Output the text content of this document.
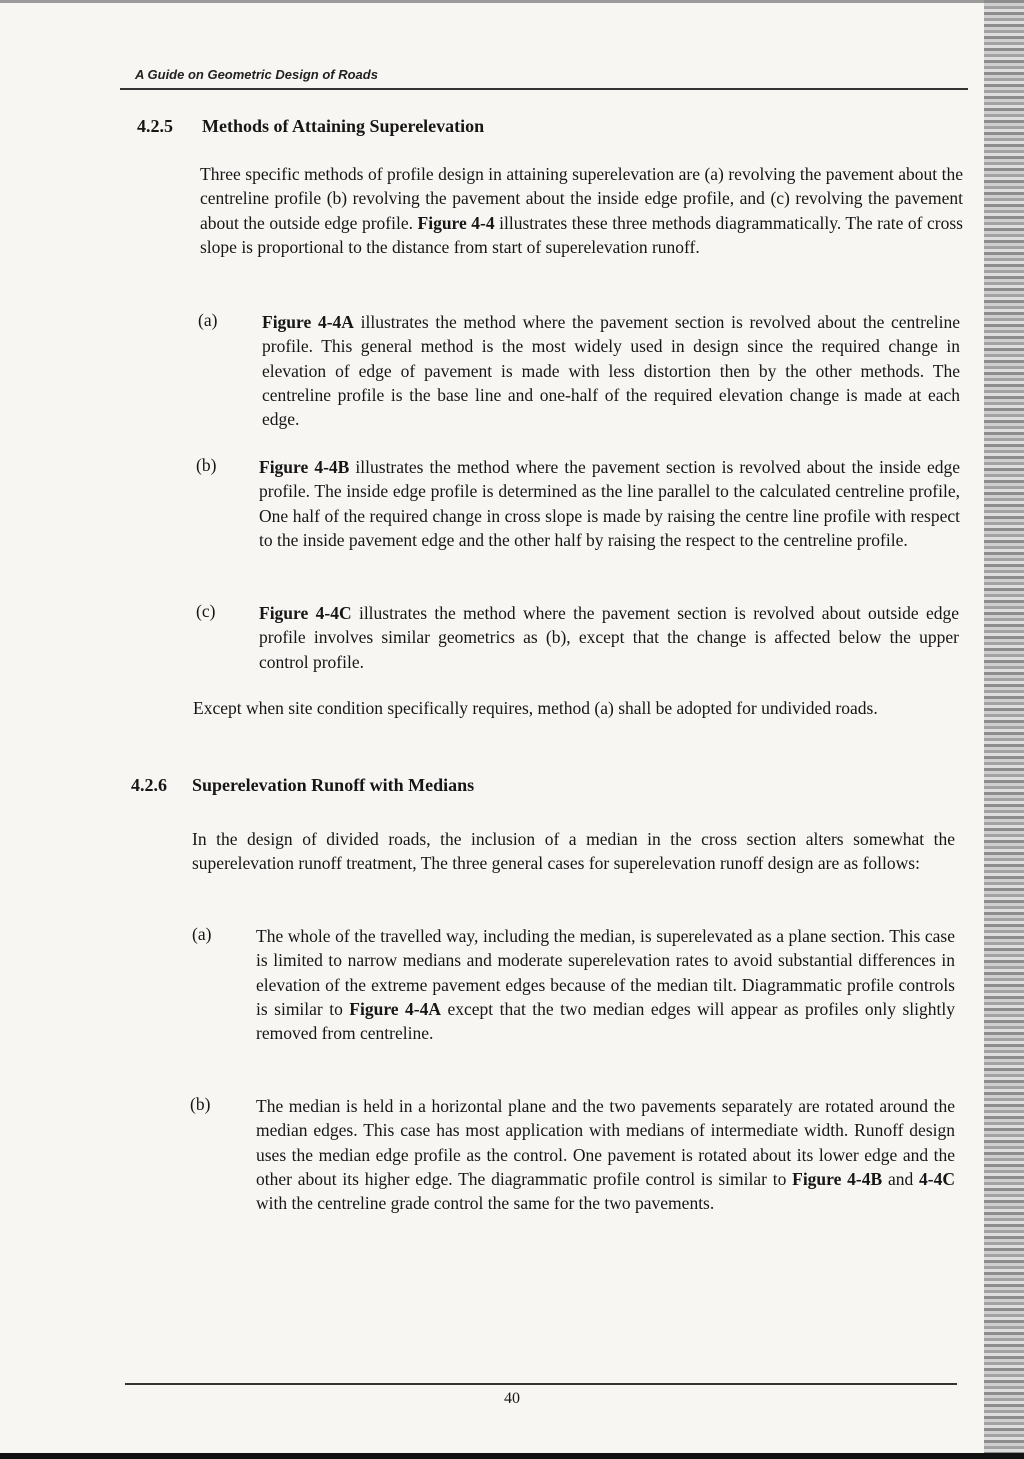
A Guide on Geometric Design of Roads
4.2.5 Methods of Attaining Superelevation

Three specific methods of profile design in attaining superelevation are (a) revolving the pavement about the centreline profile (b) revolving the pavement about the inside edge profile, and (c) revolving the pavement about the outside edge profile. Figure 4-4 illustrates these three methods diagrammatically. The rate of cross slope is proportional to the distance from start of superelevation runoff.

(a)	Figure 4-4A illustrates the method where the pavement section is revolved about the centreline profile. This general method is the most widely used in design since the required change in elevation of edge of pavement is made with less distortion then by the other methods. The centreline profile is the base line and one-half of the required elevation change is made at each edge.

(b) Figure 4-4B illustrates the method where the pavement section is revolved about the inside edge profile. The inside edge profile is determined as the line parallel to the calculated centreline profile, One half of the required change in cross slope is made by raising the centre line profile with respect to the inside pavement edge and the other half by raising the respect to the centreline profile.

(c) Figure 4-4C illustrates the method where the pavement section is revolved about outside edge profile involves similar geometrics as (b), except that the change is affected below the upper control profile.

Except when site condition specifically requires, method (a) shall be adopted for undivided roads.

4.2.6 Superelevation Runoff with Medians

In the design of divided roads, the inclusion of a median in the cross section alters somewhat the superelevation runoff treatment, The three general cases for superelevation runoff design are as follows:

(a)	The whole of the travelled way, including the median, is superelevated as a plane section. This case is limited to narrow medians and moderate superelevation rates to avoid substantial differences in elevation of the extreme pavement edges because of the median tilt. Diagrammatic profile controls is similar to Figure 4-4A except that the two median edges will appear as profiles only slightly removed from centreline.

(b)	The median is held in a horizontal plane and the two pavements separately are rotated around the median edges. This case has most application with medians of intermediate width. Runoff design uses the median edge profile as the control. One pavement is rotated about its lower edge and the other about its higher edge. The diagrammatic profile control is similar to Figure 4-4B and 4-4C with the centreline grade control the same for the two pavements.

40
